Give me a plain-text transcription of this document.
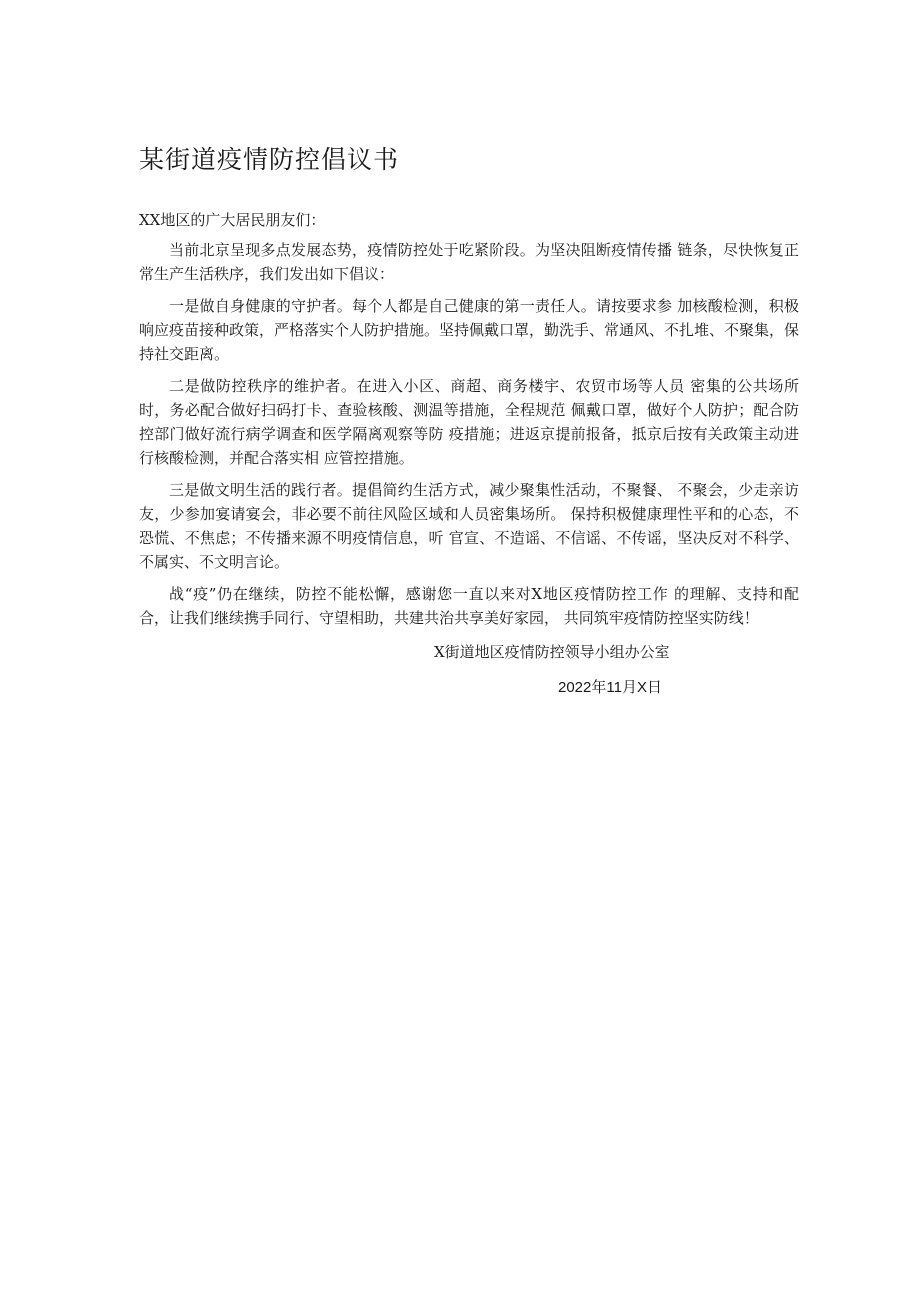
某街道疫情防控倡议书

XX地区的广大居民朋友们：

当前北京呈现多点发展态势，疫情防控处于吃紧阶段。为坚决阻断疫情传播 链条，尽快恢复正常生产生活秩序，我们发出如下倡议：

一是做自身健康的守护者。每个人都是自己健康的第一责任人。请按要求参 加核酸检测，积极响应疫苗接种政策，严格落实个人防护措施。坚持佩戴口罩，勤洗手、常通风、不扎堆、不聚集，保持社交距离。

二是做防控秩序的维护者。在进入小区、商超、商务楼宇、农贸市场等人员 密集的公共场所时，务必配合做好扫码打卡、查验核酸、测温等措施，全程规范 佩戴口罩，做好个人防护；配合防控部门做好流行病学调查和医学隔离观察等防 疫措施；进返京提前报备，抵京后按有关政策主动进行核酸检测，并配合落实相 应管控措施。

三是做文明生活的践行者。提倡简约生活方式，减少聚集性活动，不聚餐、 不聚会，少走亲访友，少参加宴请宴会，非必要不前往风险区域和人员密集场所。 保持积极健康理性平和的心态，不恐慌、不焦虑；不传播来源不明疫情信息，听 官宣、不造谣、不信谣、不传谣，坚决反对不科学、不属实、不文明言论。

战“疫”仍在继续，防控不能松懈，感谢您一直以来对X地区疫情防控工作 的理解、支持和配合，让我们继续携手同行、守望相助，共建共治共享美好家园， 共同筑牢疫情防控坚实防线！

X街道地区疫情防控领导小组办公室

2022年11月X日
